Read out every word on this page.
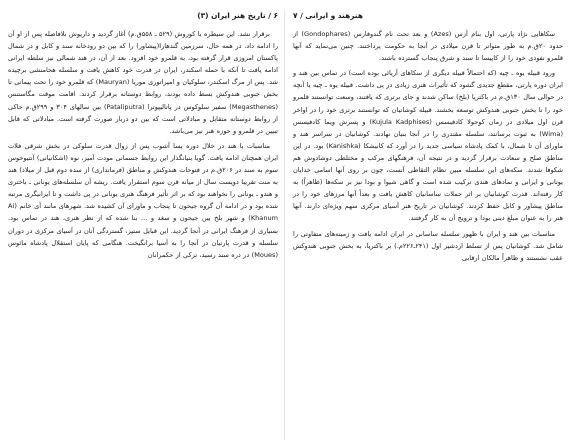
۶ / تاریخ هنر ایران (۳)

برقرار نشد. این سیطره با کوروش (۵۲۹ ـ ۵۵۸ق.م) آغاز گردید و داریوش بلافاصله پس از او آن را ادامه داد. در همه حال، سرزمین گندهارا(پیشاور) را که بین دو رودخانه سند و کابل و در شمال پاکستان امروزی قرار گرفته بود، به قلمرو خود افزود. بعد از آن، در هند شمالی نیز سلطه ایرانی ادامه یافت تا آنکه با حمله اسکندر، ایران در قدرت خود کاهش یافت و سلسله هخامنشی برچیده شد. پس از مرگ اسکندر، سلوکیان و امپراتوری موریا (Mauryan) که قلمرو خود را تحت پیمانی تا بخش جنوبی هندوکش بسط داده بودند، روابط دوستانه برقرار کردند. اقامت موقت مگاستنس (Megasthenes) سفیر سلوکوس در پاتالیپوترا (Pataliputra) بین سالهای ۳۰۴ و ۲۹۹ق.م حاکی از روابط دوستانه متقابل و مبادلاتی است که بین دو دربار صورت گرفته است. مبادلاتی که قابل تبیین در قلمرو و حوزه هنر نیز می‌باشد.

مناسبات با هند در خلال دوره پسا آشوب پس از زوال قدرت سلوکی در بخش شرقی فلات ایران همچنان ادامه یافت. گویا بنیانگذار این روابط جسمانی مودت آمیز، نوه (اشکانیانی) آنتیوخوس سوم به سند در ۲۰۶ق.م در فتوحات هندوکش و مناطق (فرمانداری) از سده دوم قبل از میلاد) هند به منت تقریبا دویست سال از میانه قرن سوم استقرار یافت. ریشه آن سلسله‌های یونانی ـ باختری و هندو ـ یونانی را نخواهند بود که بر اثر تأثیر فرهنگ هنری یونانی در پی داشت و تا ایرانیگری مرتبه شده بود و در ادامه آن گروه جیحون تا پنجاب و ماورای آن کشیده شد. شهرهای مانند آی خانم (Ai Khanum) و شهر بلخ بین جیحون و سغد و ... بنا شده که از نظر هنری، هند در تماس بود. بسیاری از فرهنگ ایرانی در آنجا گردید. این قبایل ستیز، گستردگی آنان در آسیای مرکزی در دوران سلسله و قدرت پارتیان در آنجا را به آسیا برانگیخت. هنگامی که پایان استقلال پادشاه مائوس (Moues) در دره سند رسید، ترکی از حکمرانان

هنرهند و ایرانی / ۷

سکاهایی نژاد پارتی، اول بنام آزس (Azes) و بعد تحت نام گندوفارس (Gondophares) از حدود ۲۰ق.م به طور متواتر تا قرن میلادی در آنجا به حکومت پرداختند. چنین می‌نماید که آنها قلمرو نفوذی خود را از کاپیسا تا سند و شرق پنجاب گسترده باشند.

ورود قبیله یوه ـ چیه (که احتمالاً قبیله دیگری از سکاهای آریائی بوده است) در تماس بین هند و ایران دوره پارتی، مقطع جدیدی گشود که تأثیرات هنری زیادی در پی داشت. قبیله یوه ـ چیه یا آنچه در حوالی سال ۱۳۰ق.م در باکتریا (بلخ) ساکن شدند و جای برتری که یافتند، وسعت توانستند قلمرو خود را تا بخش جنوبی هندوکش توسعه بخشند. قبیله کوشانیان که توانستند برتری خود را در اواخر قرن اول میلادی در زمان کوجولا کادفیسس (Kujula Kadphises) و پسرش ویما کادفیسس (Wima) به ثبوت برسانند، سلسله مقتدری را در آنجا بنیان نهادند. کوشانیان در سراسر هند و ماورای آن تا شمال، با کمک پادشاه سیاسی جدید را در آورد که کانیشکا (Kanishka) بود. در این مناطق صلح و سعادت برقرار گردید و در نتیجه آن، فرهنگهای مرکب و مختلطی دوشادوش هم شکوفا شدند. سکه‌های این سلسله مبین نظام التقاطی آنست، چون بر روی آنها اسامی خدایان یونانی و ایرانی و نمادهای هندی ترکیب شده است و گاهی شیوا و بودا نیز بر سکه‌ها (ظاهراً) به کار رفته‌اند. قدرت کوشانیان بر اثر حملات ساسانیان کاهش یافت و بعداً آنها مرزهای خود را در مناطق پیشاور و کابل حفظ کردند. کوشانیان در تاریخ هنر آسیای مرکزی سهم ویژه‌ای دارند. آنها هنر را به عنوان مبلغ دینی بودا و ترویج آن به کار گرفتند.

مناسبات بین هند و ایران با ظهور سلسله ساسانی در ایران ادامه یافت و زمینه‌های متفاوتی را شامل شد. کوشانیان پس از تسلط اردشیر اول (۲۴۱ـ۲۲۶م.) بر باکتریا، به بخش جنوبی هندوکش عقب نشستند و ظاهراً مالکان ارقابی
